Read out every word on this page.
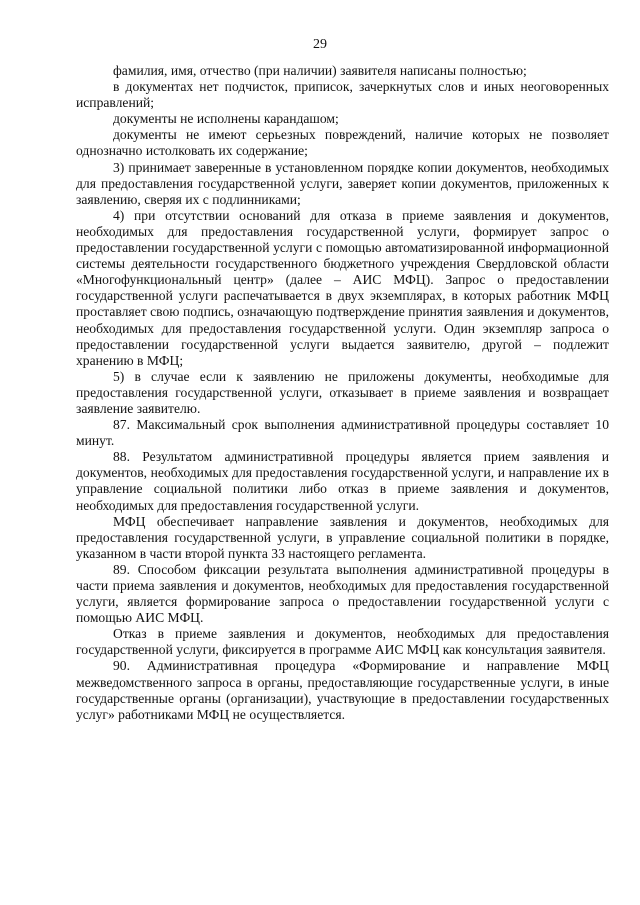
29

фамилия, имя, отчество (при наличии) заявителя написаны полностью;

в документах нет подчисток, приписок, зачеркнутых слов и иных неоговоренных исправлений;

документы не исполнены карандашом;

документы не имеют серьезных повреждений, наличие которых не позволяет однозначно истолковать их содержание;

3) принимает заверенные в установленном порядке копии документов, необходимых для предоставления государственной услуги, заверяет копии документов, приложенных к заявлению, сверяя их с подлинниками;

4) при отсутствии оснований для отказа в приеме заявления и документов, необходимых для предоставления государственной услуги, формирует запрос о предоставлении государственной услуги с помощью автоматизированной информационной системы деятельности государственного бюджетного учреждения Свердловской области «Многофункциональный центр» (далее – АИС МФЦ). Запрос о предоставлении государственной услуги распечатывается в двух экземплярах, в которых работник МФЦ проставляет свою подпись, означающую подтверждение принятия заявления и документов, необходимых для предоставления государственной услуги. Один экземпляр запроса о предоставлении государственной услуги выдается заявителю, другой – подлежит хранению в МФЦ;

5) в случае если к заявлению не приложены документы, необходимые для предоставления государственной услуги, отказывает в приеме заявления и возвращает заявление заявителю.

87. Максимальный срок выполнения административной процедуры составляет 10 минут.

88. Результатом административной процедуры является прием заявления и документов, необходимых для предоставления государственной услуги, и направление их в управление социальной политики либо отказ в приеме заявления и документов, необходимых для предоставления государственной услуги.

МФЦ обеспечивает направление заявления и документов, необходимых для предоставления государственной услуги, в управление социальной политики в порядке, указанном в части второй пункта 33 настоящего регламента.

89. Способом фиксации результата выполнения административной процедуры в части приема заявления и документов, необходимых для предоставления государственной услуги, является формирование запроса о предоставлении государственной услуги с помощью АИС МФЦ.

Отказ в приеме заявления и документов, необходимых для предоставления государственной услуги, фиксируется в программе АИС МФЦ как консультация заявителя.

90. Административная процедура «Формирование и направление МФЦ межведомственного запроса в органы, предоставляющие государственные услуги, в иные государственные органы (организации), участвующие в предоставлении государственных услуг» работниками МФЦ не осуществляется.
